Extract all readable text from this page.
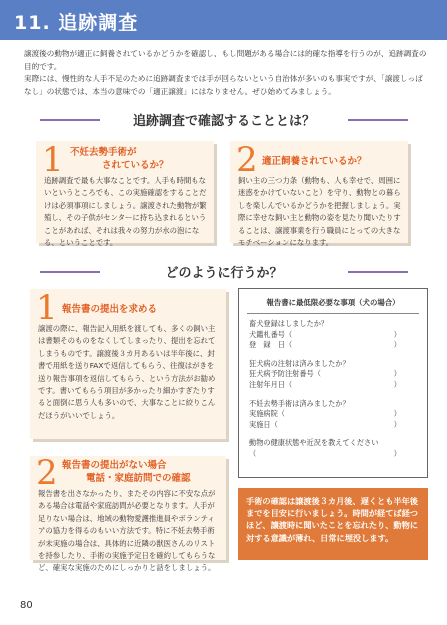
11. 追跡調査

譲渡後の動物が適正に飼養されているかどうかを確認し、もし問題がある場合には的確な指導を行うのが、追跡調査の目的です。

実際には、慢性的な人手不足のために追跡調査までは手が回らないという自治体が多いのも事実ですが、「譲渡しっぱなし」の状態では、本当の意味での「適正譲渡」にはなりません。ぜひ始めてみましょう。

追跡調査で確認することとは？
1 不妊去勢手術が
されているか？
追跡調査で最も大事なことです。人手も時間もないというところでも、この実施確認をすることだけは必須事項にしましょう。譲渡された動物が繁殖し、その子供がセンターに持ち込まれるということがあれば、それは我々の努力が水の泡になる、ということです。
2 適正飼養されているか？
飼い主の三つ力条（動物も、人も幸せで、周囲に迷惑をかけていないこと）を守り、動物との暮らしを楽しんでいるかどうかを把握しましょう。実際に幸せな飼い主と動物の姿を見たり聞いたりすることは、譲渡事業を行う職員にとっての大きなモチベーションになります。
どのように行うか？
1 報告書の提出を求める
譲渡の際に、報告記入用紙を渡しても、多くの飼い主は書類そのものをなくしてしまったり、提出を忘れてしまうものです。譲渡後３カ月あるいは半年後に、封書で用紙を送りFAXで返信してもらう、往復はがきを送り報告事項を返信してもらう、という方法がお勧めです。書いてもらう項目が多かったり細かすぎたりすると面倒に思う人も多いので、大事なことに絞りこんだほうがいいでしょう。
2 報告書の提出がない場合
電話・家庭訪問での確認
報告書を出さなかったり、またその内容に不安な点がある場合は電話や家庭訪問が必要となります。人手が足りない場合は、地域の動物愛護推進員やボランティアの協力を得るのもいい方法です。特に不妊去勢手術が未実施の場合は、具体的に近隣の獣医さんのリストを持参したり、手術の実施予定日を確約してもらうなど、確実な実施のためにしっかりと話をしましょう。
報告書に最低限必要な事項（犬の場合）
畜犬登録はしましたか？
犬鑑札番号（	）
登　録　日（	）
狂犬病の注射は済みましたか？
狂犬病予防注射番号（	）
注射年月日（	）
不妊去勢手術は済みましたか？
実施病院（	）
実施日（	）
動物の健康状態や近況を教えてください
（	）
手術の確認は譲渡後３カ月後、遅くとも半年後までを目安に行いましょう。時間が経てば経つほど、譲渡時に聞いたことを忘れたり、動物に対する意識が薄れ、日常に埋没します。
80
